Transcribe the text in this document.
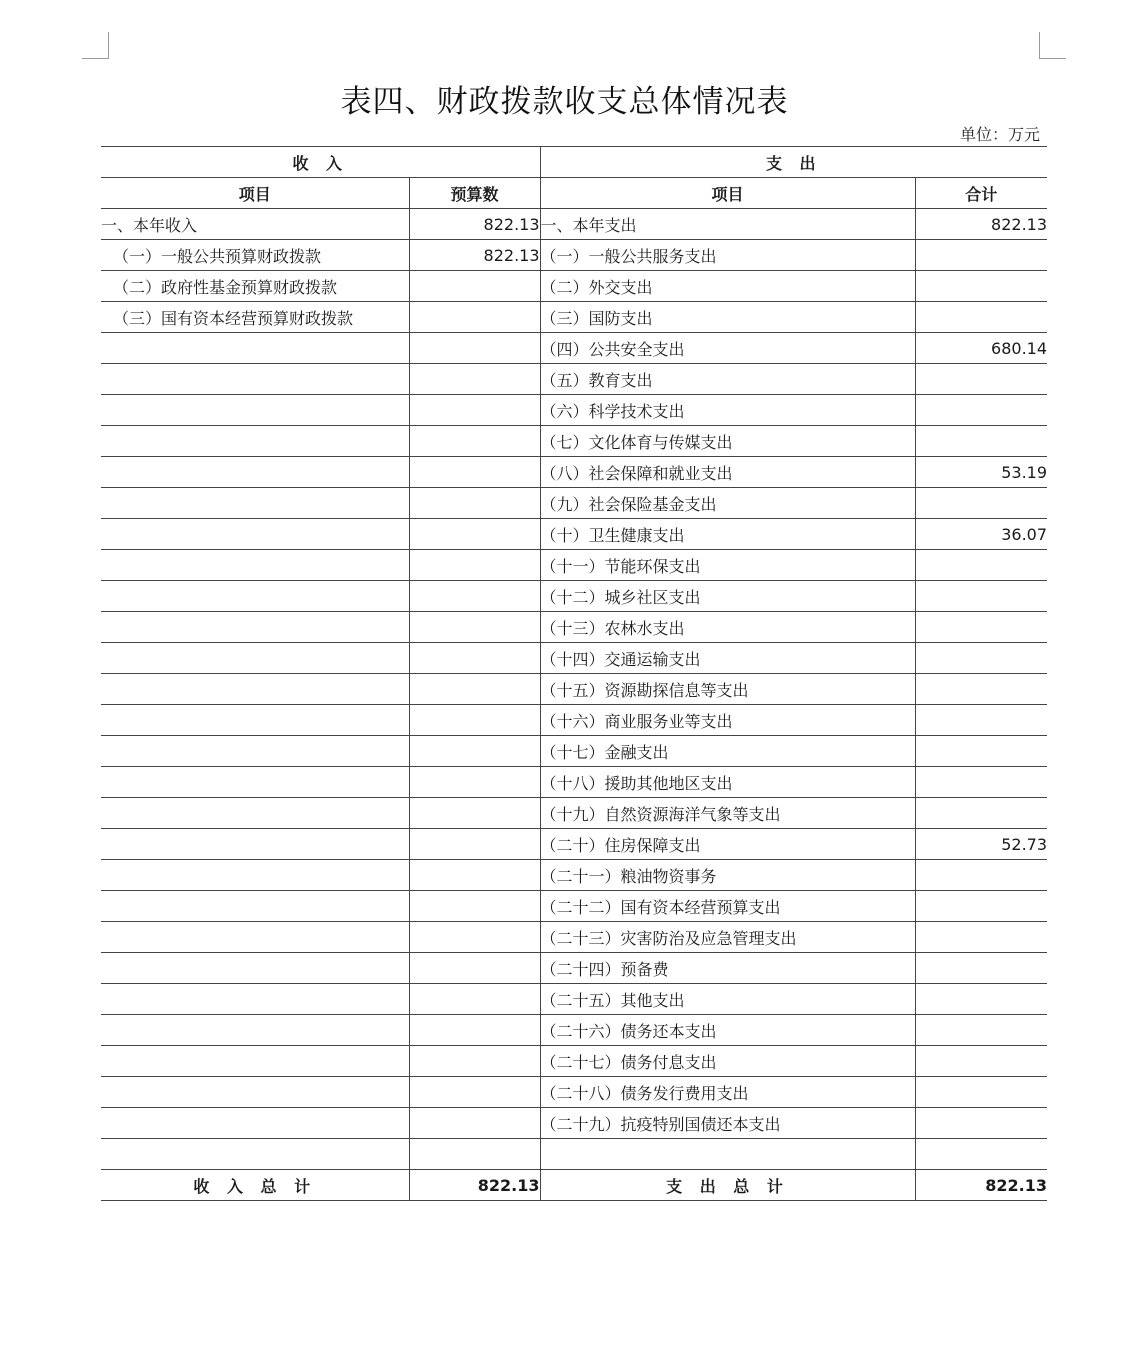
表四、财政拨款收支总体情况表
单位：万元
收 入		支 出	
项目	预算数	项目	合计
一、本年收入	822.13	一、本年支出	822.13
（一）一般公共预算财政拨款	822.13	（一）一般公共服务支出	
（二）政府性基金预算财政拨款		（二）外交支出	
（三）国有资本经营预算财政拨款		（三）国防支出	
		（四）公共安全支出	680.14
		（五）教育支出	
		（六）科学技术支出	
		（七）文化体育与传媒支出	
		（八）社会保障和就业支出	53.19
		（九）社会保险基金支出	
		（十）卫生健康支出	36.07
		（十一）节能环保支出	
		（十二）城乡社区支出	
		（十三）农林水支出	
		（十四）交通运输支出	
		（十五）资源勘探信息等支出	
		（十六）商业服务业等支出	
		（十七）金融支出	
		（十八）援助其他地区支出	
		（十九）自然资源海洋气象等支出	
		（二十）住房保障支出	52.73
		（二十一）粮油物资事务	
		（二十二）国有资本经营预算支出	
		（二十三）灾害防治及应急管理支出	
		（二十四）预备费	
		（二十五）其他支出	
		（二十六）债务还本支出	
		（二十七）债务付息支出	
		（二十八）债务发行费用支出	
		（二十九）抗疫特别国债还本支出	

收 入 总 计	822.13	支 出 总 计	822.13
